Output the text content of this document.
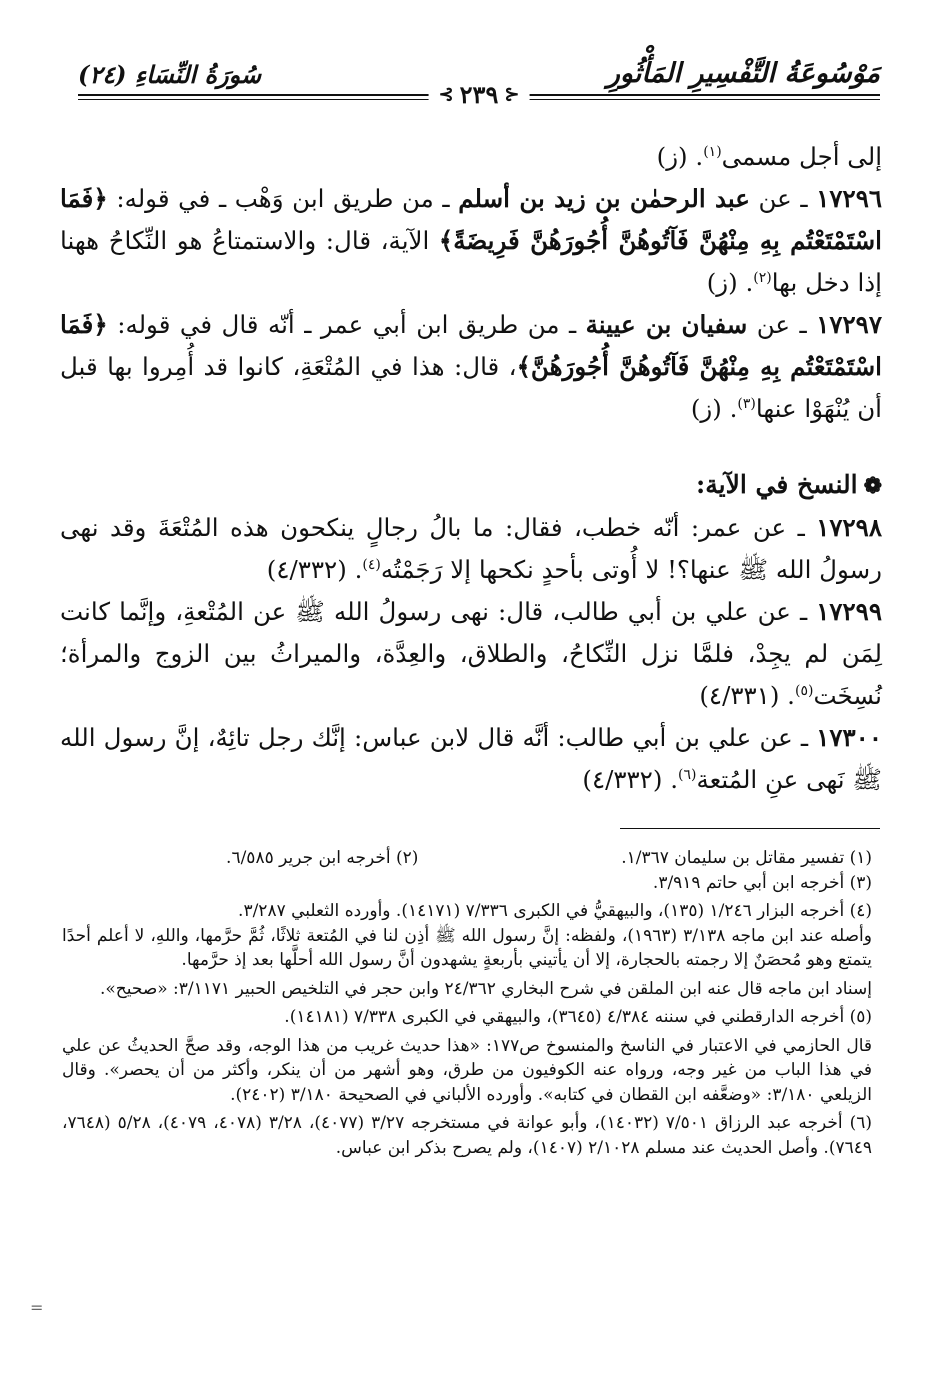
مَوْسُوعَةُ التَّفْسِيرِ المَأْثُورِ
⊰ ٢٣٩ ⊱
سُورَةُ النِّسَاءِ (٢٤)

إلى أجل مسمى$^{(١)}$. (ز)

١٧٢٩٦ ـ عن عبد الرحمٰن بن زيد بن أسلم ـ من طريق ابن وَهْب ـ في قوله: ﴿فَمَا اسْتَمْتَعْتُم بِهِ مِنْهُنَّ فَآتُوهُنَّ أُجُورَهُنَّ فَرِيضَةً﴾ الآية، قال: والاستمتاعُ هو النِّكاحُ ههنا إذا دخل بها$^{(٢)}$. (ز)

١٧٢٩٧ ـ عن سفيان بن عيينة ـ من طريق ابن أبي عمر ـ أنّه قال في قوله: ﴿فَمَا اسْتَمْتَعْتُم بِهِ مِنْهُنَّ فَآتُوهُنَّ أُجُورَهُنَّ﴾، قال: هذا في المُتْعَةِ، كانوا قد أُمِروا بها قبل أن يُنْهَوْا عنها$^{(٣)}$. (ز)

❁النسخ في الآية:

١٧٢٩٨ ـ عن عمر: أنّه خطب، فقال: ما بالُ رجالٍ ينكحون هذه المُتْعَةَ وقد نهى رسولُ الله ﷺ عنها؟! لا أُوتى بأحدٍ نكحها إلا رَجَمْتُه$^{(٤)}$. (٤/٣٣٢)

١٧٢٩٩ ـ عن علي بن أبي طالب، قال: نهى رسولُ الله ﷺ عن المُتْعةِ، وإنَّما كانت لِمَن لم يجِدْ، فلمَّا نزل النِّكاحُ، والطلاق، والعِدَّة، والميراثُ بين الزوج والمرأة؛ نُسِخَت$^{(٥)}$. (٤/٣٣١)

١٧٣٠٠ ـ عن علي بن أبي طالب: أنَّه قال لابن عباس: إنَّك رجل تائِهٌ، إنَّ رسول الله ﷺ نَهى عنِ المُتعة$^{(٦)}$. (٤/٣٣٢)

(١) تفسير مقاتل بن سليمان ١/٣٦٧.
(٢) أخرجه ابن جرير ٦/٥٨٥.

(٣) أخرجه ابن أبي حاتم ٣/٩١٩.

(٤) أخرجه البزار ١/٢٤٦ (١٣٥)، والبيهقيُّ في الكبرى ٧/٣٣٦ (١٤١٧١). وأورده الثعلبي ٣/٢٨٧.

وأصله عند ابن ماجه ٣/١٣٨ (١٩٦٣)، ولفظه: إنَّ رسول الله ﷺ أذِن لنا في المُتعة ثلاثًا، ثُمَّ حرَّمها، واللهِ، لا أعلم أحدًا يتمتع وهو مُحصَنٌ إلا رجمته بالحجارة، إلا أن يأتيني بأربعةٍ يشهدون أنَّ رسول الله أحلَّها بعد إذ حرَّمها.

إسناد ابن ماجه قال عنه ابن الملقن في شرح البخاري ٢٤/٣٦٢ وابن حجر في التلخيص الحبير ٣/١١٧١: «صحيح».

(٥) أخرجه الدارقطني في سننه ٤/٣٨٤ (٣٦٤٥)، والبيهقي في الكبرى ٧/٣٣٨ (١٤١٨١).

قال الحازمي في الاعتبار في الناسخ والمنسوخ ص١٧٧: «هذا حديث غريب من هذا الوجه، وقد صحَّ الحديثُ عن علي في هذا الباب من غير وجه، ورواه عنه الكوفيون من طرق، وهو أشهر من أن ينكر، وأكثر من أن يحصر». وقال الزيلعي ٣/١٨٠: «وضعَّفه ابن القطان في كتابه». وأورده الألباني في الصحيحة ٣/١٨٠ (٢٤٠٢).

(٦) أخرجه عبد الرزاق ٧/٥٠١ (١٤٠٣٢)، وأبو عوانة في مستخرجه ٣/٢٧ (٤٠٧٧)، ٣/٢٨ (٤٠٧٨، ٤٠٧٩)، ٥/٢٨ (٧٦٤٨، ٧٦٤٩). وأصل الحديث عند مسلم ٢/١٠٢٨ (١٤٠٧)، ولم يصرح بذكر ابن عباس.

=
